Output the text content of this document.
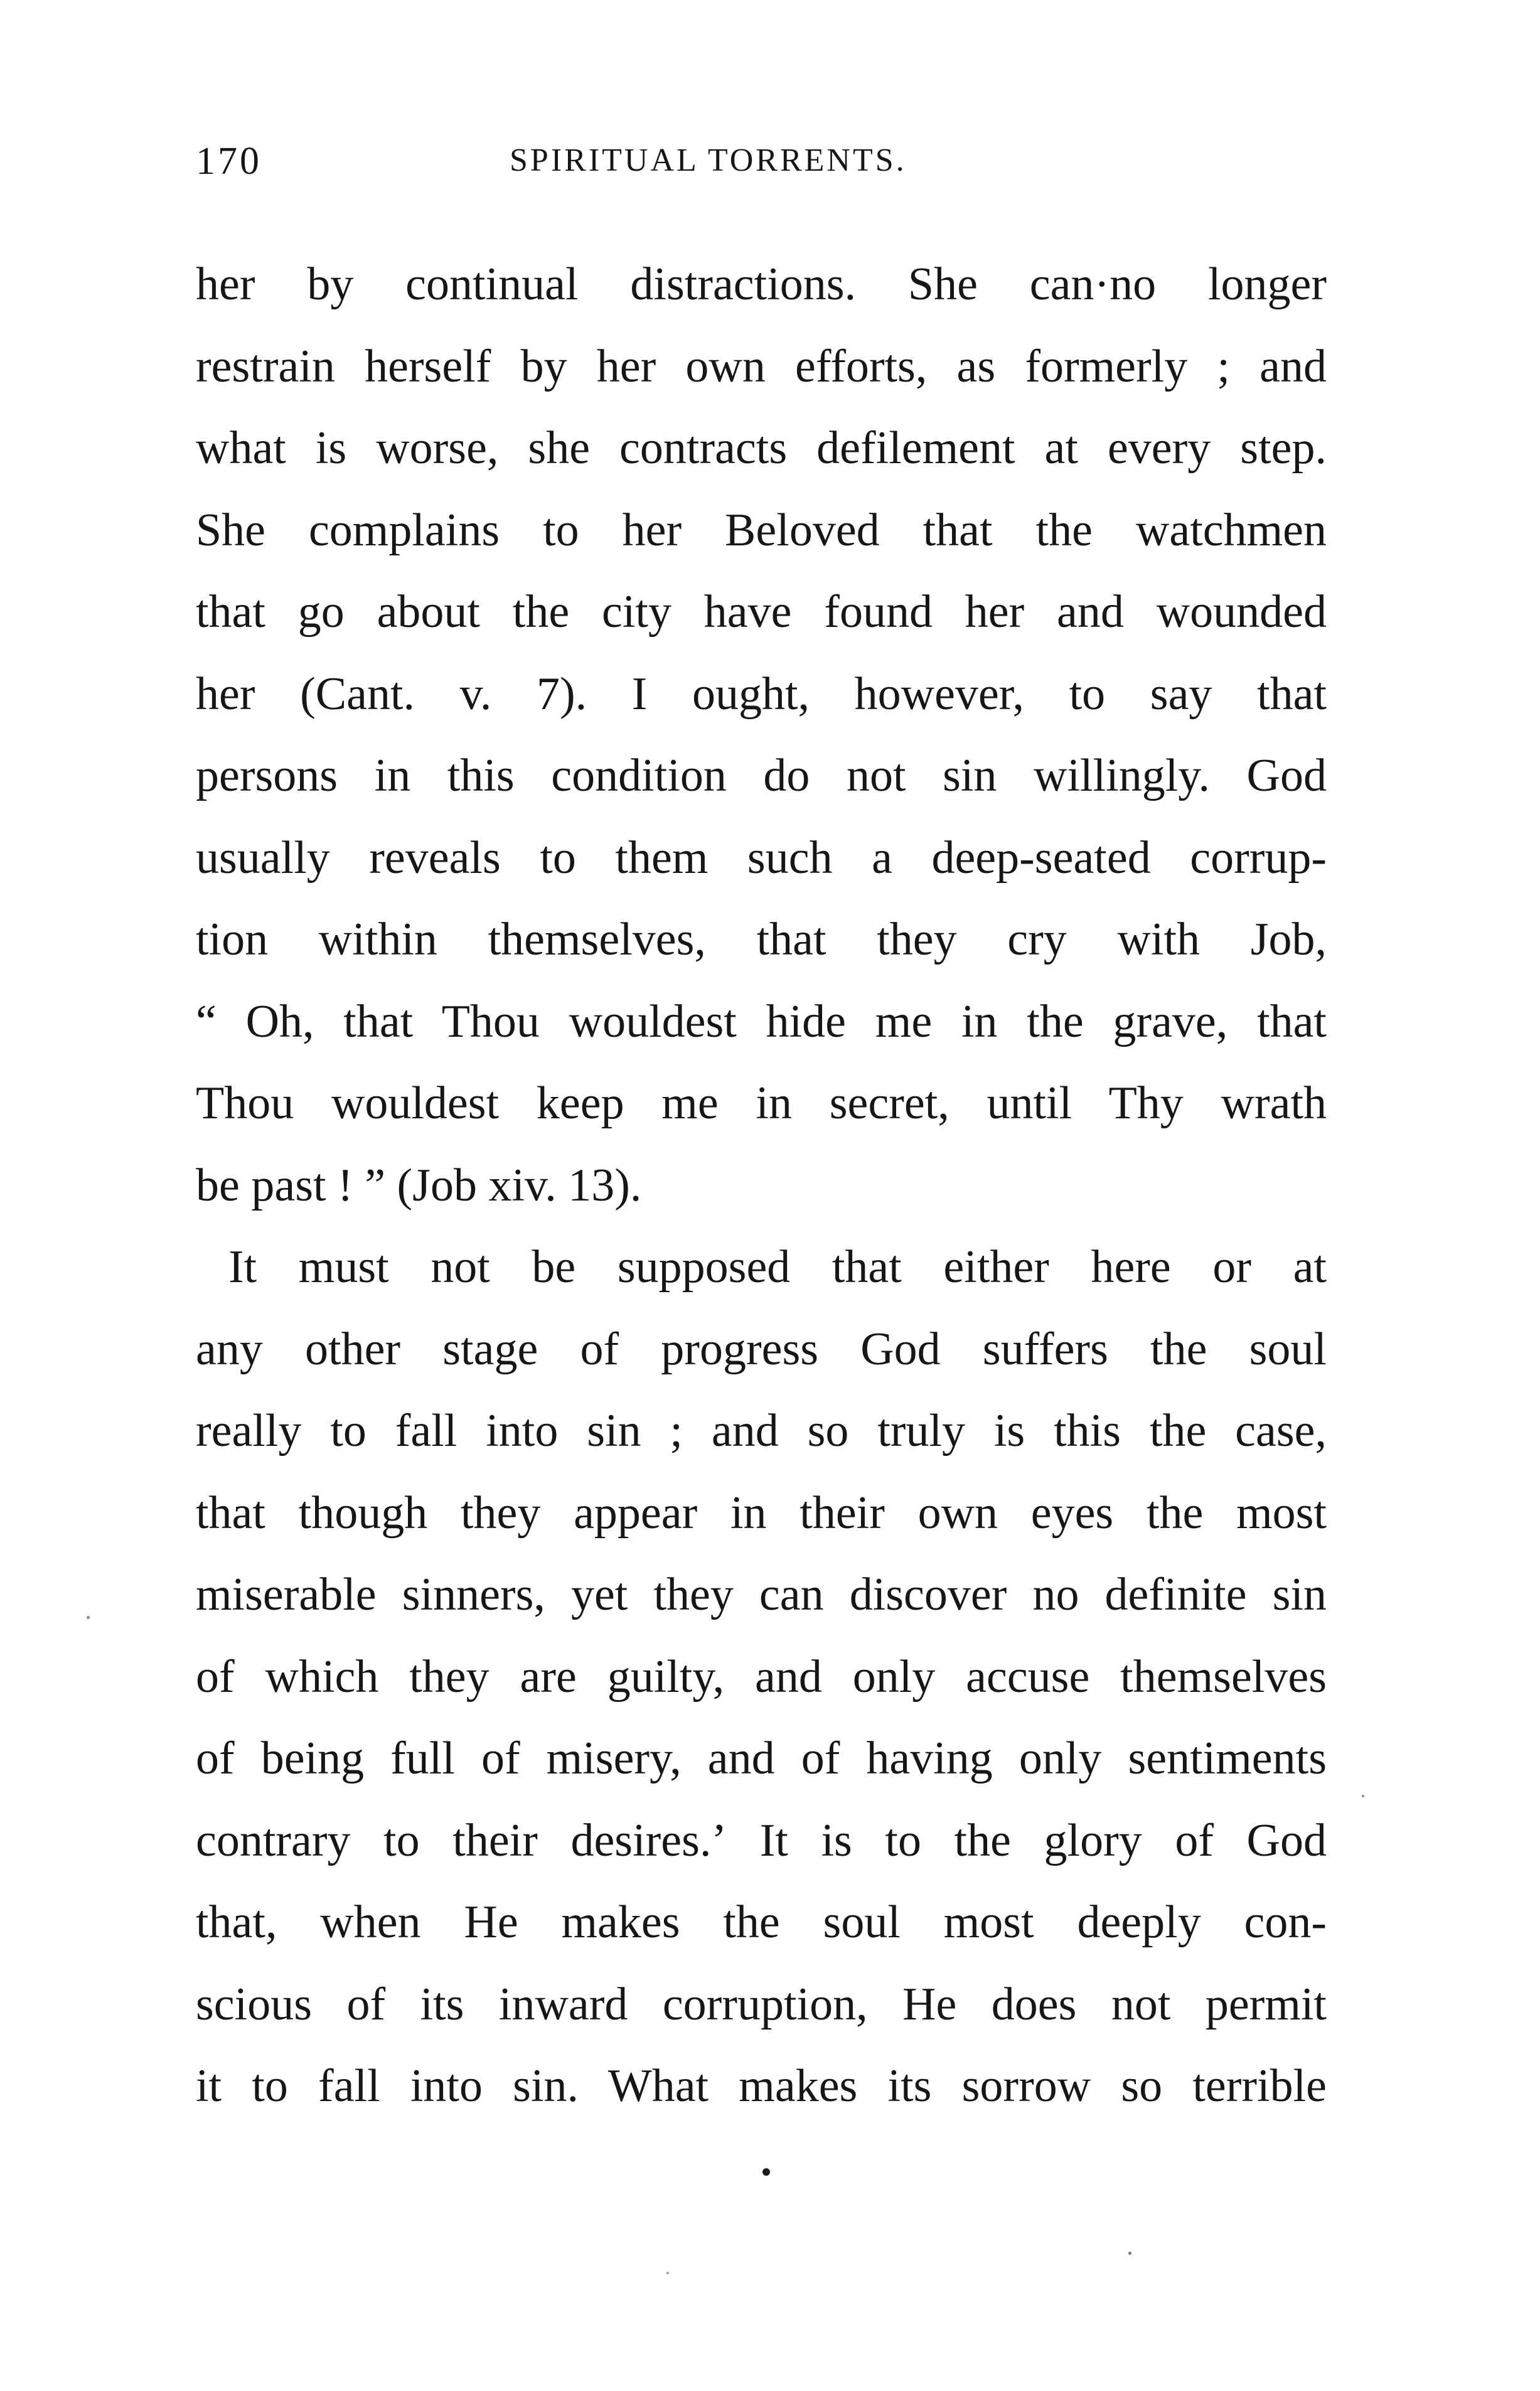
170	SPIRITUAL TORRENTS.
her by continual distractions. She can·no longer
restrain herself by her own efforts, as formerly ; and
what is worse, she contracts defilement at every step.
She complains to her Beloved that the watchmen
that go about the city have found her and wounded
her (Cant. v. 7). I ought, however, to say that
persons in this condition do not sin willingly. God
usually reveals to them such a deep-seated corrup-
tion within themselves, that they cry with Job,
“ Oh, that Thou wouldest hide me in the grave, that
Thou wouldest keep me in secret, until Thy wrath
be past ! ” (Job xiv. 13).
It must not be supposed that either here or at
any other stage of progress God suffers the soul
really to fall into sin ; and so truly is this the case,
that though they appear in their own eyes the most
miserable sinners, yet they can discover no definite sin
of which they are guilty, and only accuse themselves
of being full of misery, and of having only sentiments
contrary to their desires.ʼ It is to the glory of God
that, when He makes the soul most deeply con-
scious of its inward corruption, He does not permit
it to fall into sin. What makes its sorrow so terrible
